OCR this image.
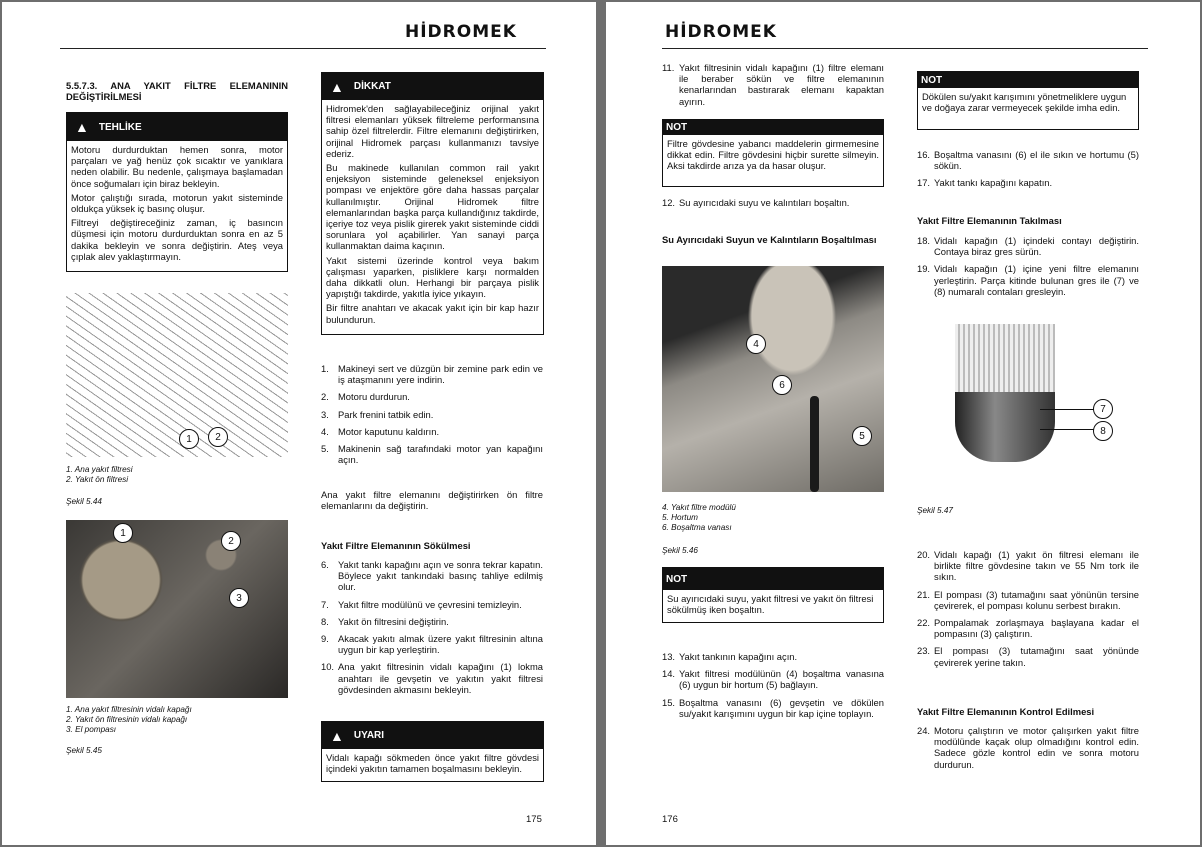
HİDROMEK
5.5.7.3. ANA YAKIT FİLTRE ELEMANININ DEĞİŞTİRİLMESİ
▲ TEHLİKE

Motoru durdurduktan hemen sonra, motor parçaları ve yağ henüz çok sıcaktır ve yanıklara neden olabilir. Bu nedenle, çalışmaya başlamadan önce soğumaları için biraz bekleyin.

Motor çalıştığı sırada, motorun yakıt sisteminde oldukça yüksek iç basınç oluşur.

Filtreyi değiştireceğiniz zaman, iç basıncın düşmesi için motoru durdurduktan sonra en az 5 dakika bekleyin ve sonra değiştirin. Ateş veya çıplak alev yaklaştırmayın.

1	2
1. Ana yakıt filtresi
2. Yakıt ön filtresi
Şekil 5.44
1
2
3
1. Ana yakıt filtresinin vidalı kapağı
2. Yakıt ön filtresinin vidalı kapağı
3. El pompası
Şekil 5.45
▲ DİKKAT

Hidromek'den sağlayabileceğiniz orijinal yakıt filtresi elemanları yüksek filtreleme performansına sahip özel filtrelerdir. Filtre elemanını değiştirirken, orijinal Hidromek parçası kullanmanızı tavsiye ederiz.

Bu makinede kullanılan common rail yakıt enjeksiyon sisteminde geleneksel enjeksiyon pompası ve enjektöre göre daha hassas parçalar kullanılmıştır. Orijinal Hidromek filtre elemanlarından başka parça kullandığınız takdirde, içeriye toz veya pislik girerek yakıt sisteminde ciddi sorunlara yol açabilirler. Yan sanayi parça kullanmaktan daima kaçının.

Yakıt sistemi üzerinde kontrol veya bakım çalışması yaparken, pisliklere karşı normalden daha dikkatli olun. Herhangi bir parçaya pislik yapıştığı takdirde, yakıtla iyice yıkayın.

Bir filtre anahtarı ve akacak yakıt için bir kap hazır bulundurun.

1. Makineyi sert ve düzgün bir zemine park edin ve iş ataşmanını yere indirin.
2. Motoru durdurun.
3. Park frenini tatbik edin.
4. Motor kaputunu kaldırın.
5. Makinenin sağ tarafındaki motor yan kapağını açın.
Ana yakıt filtre elemanını değiştirirken ön filtre elemanlarını da değiştirin.
Yakıt Filtre Elemanının Sökülmesi
6. Yakıt tankı kapağını açın ve sonra tekrar kapatın. Böylece yakıt tankındaki basınç tahliye edilmiş olur.
7. Yakıt filtre modülünü ve çevresini temizleyin.
8. Yakıt ön filtresini değiştirin.
9. Akacak yakıtı almak üzere yakıt filtresinin altına uygun bir kap yerleştirin.
10. Ana yakıt filtresinin vidalı kapağını (1) lokma anahtarı ile gevşetin ve yakıtın yakıt filtresi gövdesinden akmasını bekleyin.
▲ UYARI
Vidalı kapağı sökmeden önce yakıt filtre gövdesi içindeki yakıtın tamamen boşalmasını bekleyin.
175
HİDROMEK
11. Yakıt filtresinin vidalı kapağını (1) filtre elemanı ile beraber sökün ve filtre elemanının kenarlarından bastırarak elemanı kapaktan ayırın.
NOT
Filtre gövdesine yabancı maddelerin girmemesine dikkat edin. Filtre gövdesini hiçbir surette silmeyin. Aksi takdirde arıza ya da hasar oluşur.
12. Su ayırıcıdaki suyu ve kalıntıları boşaltın.
Su Ayırıcıdaki Suyun ve Kalıntıların Boşaltılması
4
6
5
4. Yakıt filtre modülü
5. Hortum
6. Boşaltma vanası
Şekil 5.46
NOT
Su ayırıcıdaki suyu, yakıt filtresi ve yakıt ön filtresi sökülmüş iken boşaltın.
13. Yakıt tankının kapağını açın.
14. Yakıt filtresi modülünün (4) boşaltma vanasına (6) uygun bir hortum (5) bağlayın.
15. Boşaltma vanasını (6) gevşetin ve dökülen su/yakıt karışımını uygun bir kap içine toplayın.
176
NOT
Dökülen su/yakıt karışımını yönetmeliklere uygun ve doğaya zarar vermeyecek şekilde imha edin.
16. Boşaltma vanasını (6) el ile sıkın ve hortumu (5) sökün.
17. Yakıt tankı kapağını kapatın.
Yakıt Filtre Elemanının Takılması
18. Vidalı kapağın (1) içindeki contayı değiştirin. Contaya biraz gres sürün.
19. Vidalı kapağın (1) içine yeni filtre elemanını yerleştirin. Parça kitinde bulunan gres ile (7) ve (8) numaralı contaları gresleyin.
7
8
Şekil 5.47
20. Vidalı kapağı (1) yakıt ön filtresi elemanı ile birlikte filtre gövdesine takın ve 55 Nm tork ile sıkın.
21. El pompası (3) tutamağını saat yönünün tersine çevirerek, el pompası kolunu serbest bırakın.
22. Pompalamak zorlaşmaya başlayana kadar el pompasını (3) çalıştırın.
23. El pompası (3) tutamağını saat yönünde çevirerek yerine takın.
Yakıt Filtre Elemanının Kontrol Edilmesi
24. Motoru çalıştırın ve motor çalışırken yakıt filtre modülünde kaçak olup olmadığını kontrol edin. Sadece gözle kontrol edin ve sonra motoru durdurun.
